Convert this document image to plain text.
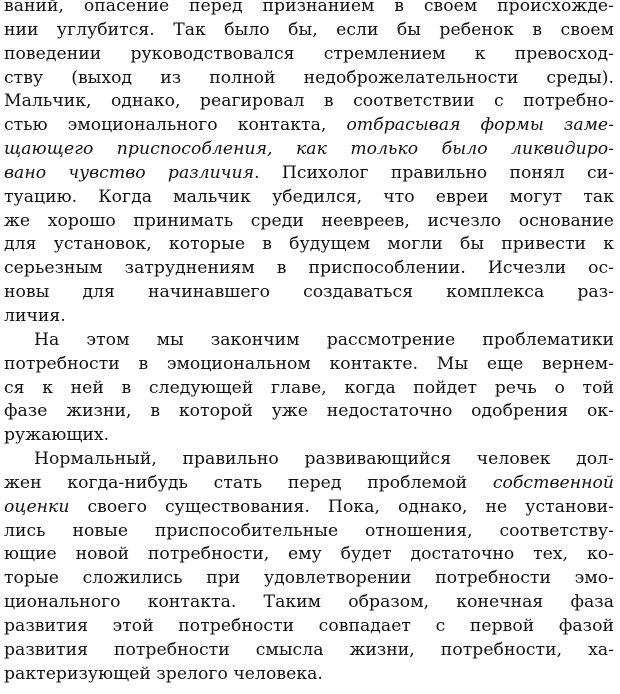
ваний, опасение перед признанием в своем происхожде-
нии углубится. Так было бы, если бы ребенок в своем
поведении руководствовался стремлением к превосход-
ству (выход из полной недоброжелательности среды).
Мальчик, однако, реагировал в соответствии с потребно-
стью эмоционального контакта, отбрасывая формы заме-
щающего приспособления, как только было ликвидиро-
вано чувство различия. Психолог правильно понял си-
туацию. Когда мальчик убедился, что евреи могут так
же хорошо принимать среди неевреев, исчезло основание
для установок, которые в будущем могли бы привести к
серьезным затруднениям в приспособлении. Исчезли ос-
новы для начинавшего создаваться комплекса раз-
личия.
На этом мы закончим рассмотрение проблематики
потребности в эмоциональном контакте. Мы еще вернем-
ся к ней в следующей главе, когда пойдет речь о той
фазе жизни, в которой уже недостаточно одобрения ок-
ружающих.
Нормальный, правильно развивающийся человек дол-
жен когда-нибудь стать перед проблемой собственной
оценки своего существования. Пока, однако, не установи-
лись новые приспособительные отношения, соответству-
ющие новой потребности, ему будет достаточно тех, ко-
торые сложились при удовлетворении потребности эмо-
ционального контакта. Таким образом, конечная фаза
развития этой потребности совпадает с первой фазой
развития потребности смысла жизни, потребности, ха-
рактеризующей зрелого человека.
